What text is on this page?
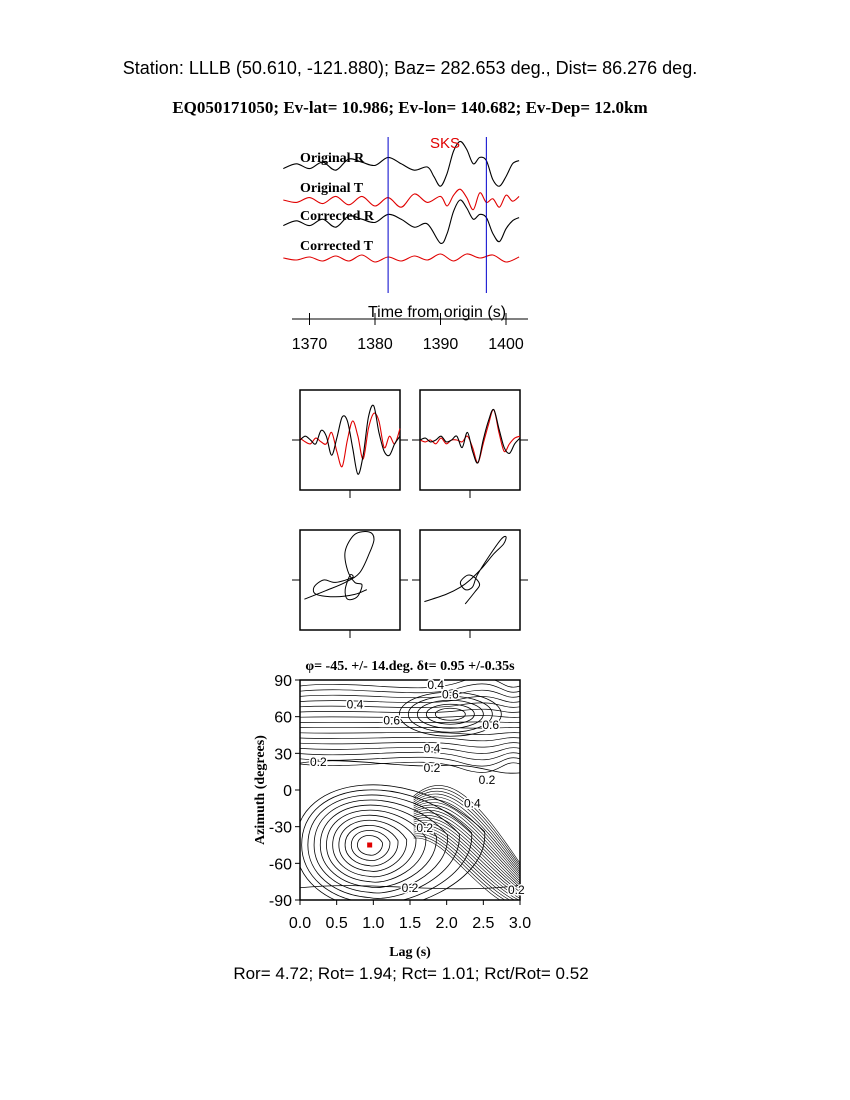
Station: LLLB (50.610, -121.880); Baz= 282.653 deg., Dist= 86.276 deg.
EQ050171050; Ev-lat= 10.986; Ev-lon= 140.682; Ev-Dep= 12.0km
SKS
Original R
Original T
Corrected R
Corrected T
1370 1380 1390 1400
Time from origin (s)
φ= -45. +/- 14.deg. δt= 0.95 +/-0.35s
0.4
0.6
0.4
0.6
0.6
0.4
0.2	0.2
0.2
0.4
0.2
0.2	0.2
0.0 0.5 1.0 1.5 2.0 2.5 3.0
-90
-60
-30
0
30
60
90
Lag (s)
Azimuth (degrees)
Ror= 4.72; Rot= 1.94; Rct= 1.01; Rct/Rot= 0.52
